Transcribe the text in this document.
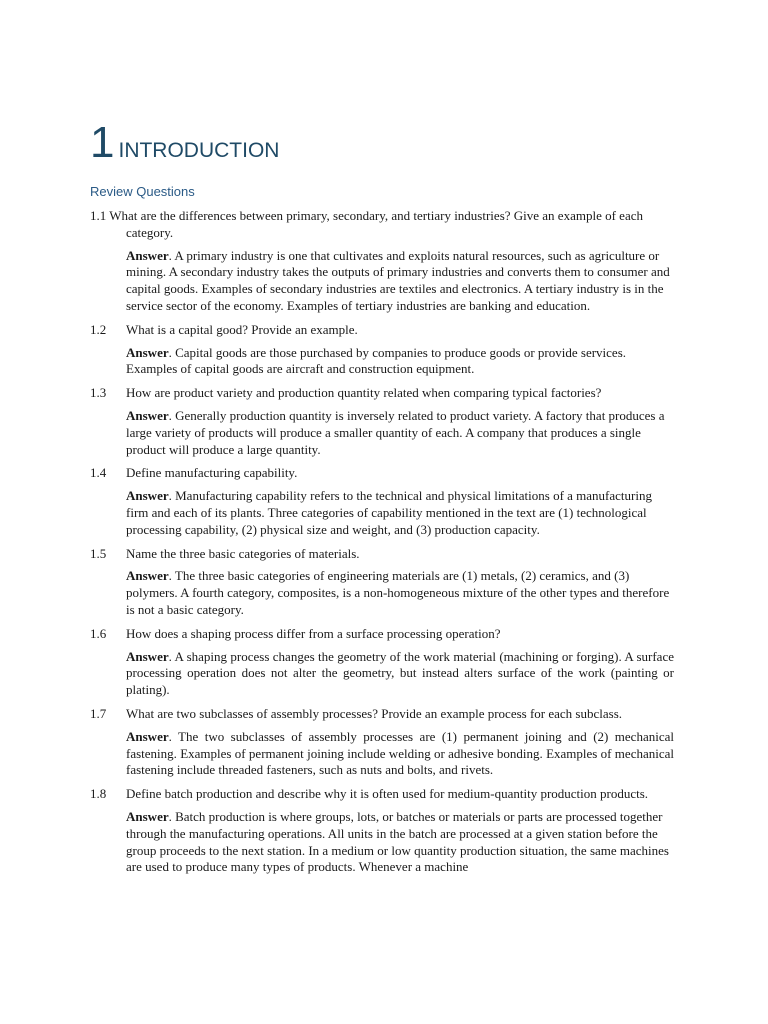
1 INTRODUCTION
Review Questions

1.1 What are the differences between primary, secondary, and tertiary industries? Give an example of each category.

Answer. A primary industry is one that cultivates and exploits natural resources, such as agriculture or mining. A secondary industry takes the outputs of primary industries and converts them to consumer and capital goods. Examples of secondary industries are textiles and electronics. A tertiary industry is in the service sector of the economy. Examples of tertiary industries are banking and education.

1.2 What is a capital good? Provide an example.

Answer. Capital goods are those purchased by companies to produce goods or provide services. Examples of capital goods are aircraft and construction equipment.

1.3 How are product variety and production quantity related when comparing typical factories?

Answer. Generally production quantity is inversely related to product variety. A factory that produces a large variety of products will produce a smaller quantity of each. A company that produces a single product will produce a large quantity.

1.4 Define manufacturing capability.

Answer. Manufacturing capability refers to the technical and physical limitations of a manufacturing firm and each of its plants. Three categories of capability mentioned in the text are (1) technological processing capability, (2) physical size and weight, and (3) production capacity.

1.5 Name the three basic categories of materials.

Answer. The three basic categories of engineering materials are (1) metals, (2) ceramics, and (3) polymers. A fourth category, composites, is a non-homogeneous mixture of the other types and therefore is not a basic category.

1.6 How does a shaping process differ from a surface processing operation?

Answer. A shaping process changes the geometry of the work material (machining or forging). A surface processing operation does not alter the geometry, but instead alters surface of the work (painting or plating).

1.7 What are two subclasses of assembly processes? Provide an example process for each subclass.

Answer. The two subclasses of assembly processes are (1) permanent joining and (2) mechanical fastening. Examples of permanent joining include welding or adhesive bonding. Examples of mechanical fastening include threaded fasteners, such as nuts and bolts, and rivets.

1.8 Define batch production and describe why it is often used for medium-quantity production products.

Answer. Batch production is where groups, lots, or batches or materials or parts are processed together through the manufacturing operations. All units in the batch are processed at a given station before the group proceeds to the next station. In a medium or low quantity production situation, the same machines are used to produce many types of products. Whenever a machine
